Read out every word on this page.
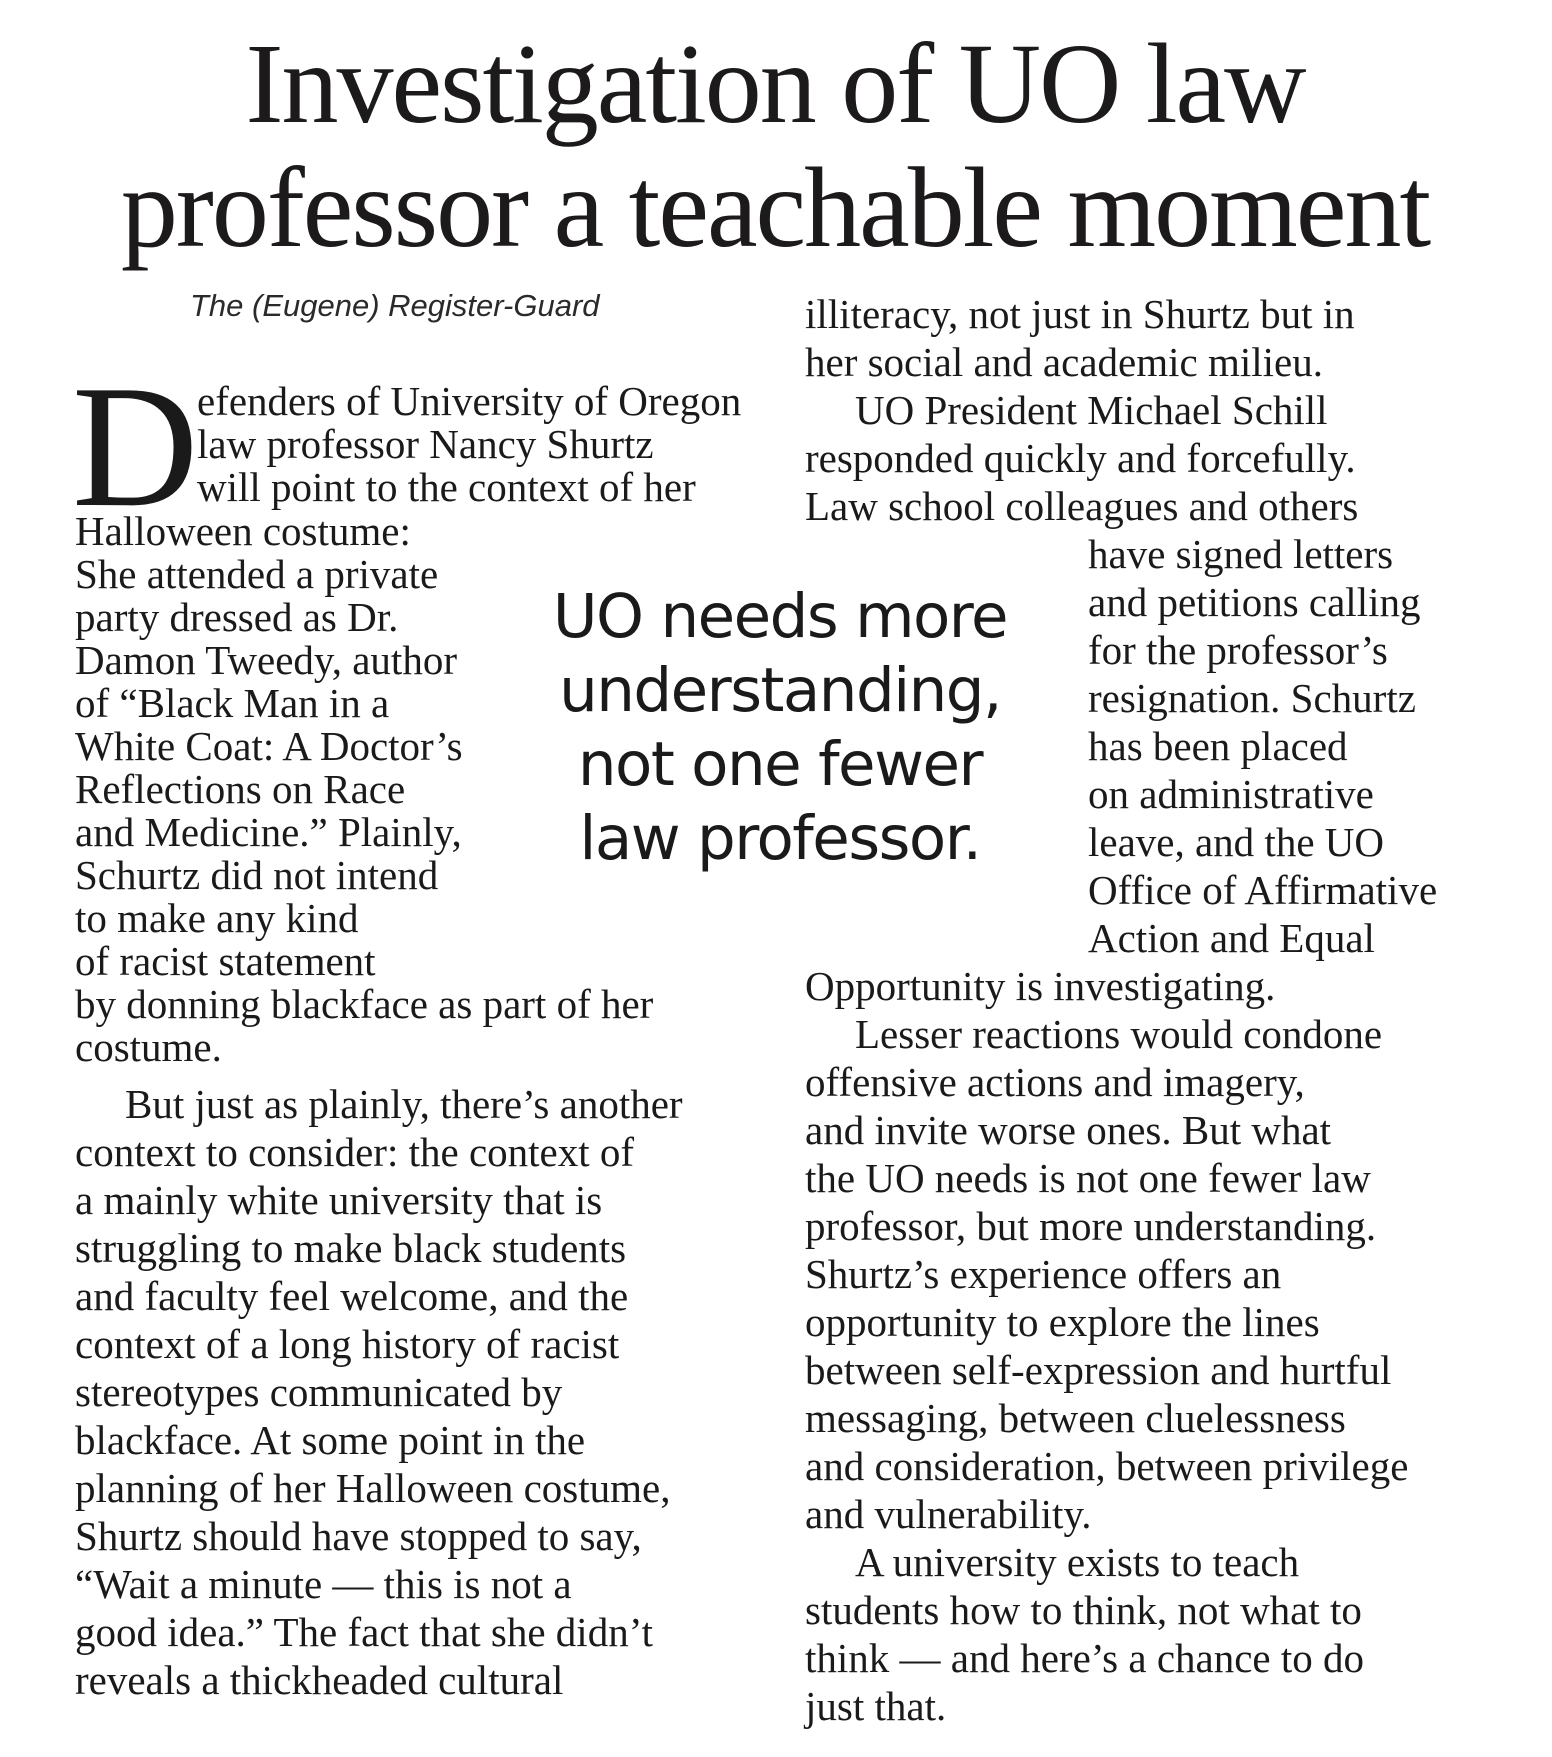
Investigation of UO law
professor a teachable moment
The (Eugene) Register-Guard
D
efenders of University of Oregon
law professor Nancy Shurtz
will point to the context of her
Halloween costume:
She attended a private
party dressed as Dr.
Damon Tweedy, author
of “Black Man in a
White Coat: A Doctor’s
Reflections on Race
and Medicine.” Plainly,
Schurtz did not intend
to make any kind
of racist statement
by donning blackface as part of her
costume.
But just as plainly, there’s another
context to consider: the context of
a mainly white university that is
struggling to make black students
and faculty feel welcome, and the
context of a long history of racist
stereotypes communicated by
blackface. At some point in the
planning of her Halloween costume,
Shurtz should have stopped to say,
“Wait a minute — this is not a
good idea.” The fact that she didn’t
reveals a thickheaded cultural
UO needs more
understanding,
not one fewer
law professor.
illiteracy, not just in Shurtz but in
her social and academic milieu.
UO President Michael Schill
responded quickly and forcefully.
Law school colleagues and others
have signed letters
and petitions calling
for the professor’s
resignation. Schurtz
has been placed
on administrative
leave, and the UO
Office of Affirmative
Action and Equal
Opportunity is investigating.
Lesser reactions would condone
offensive actions and imagery,
and invite worse ones. But what
the UO needs is not one fewer law
professor, but more understanding.
Shurtz’s experience offers an
opportunity to explore the lines
between self-expression and hurtful
messaging, between cluelessness
and consideration, between privilege
and vulnerability.
A university exists to teach
students how to think, not what to
think — and here’s a chance to do
just that.
